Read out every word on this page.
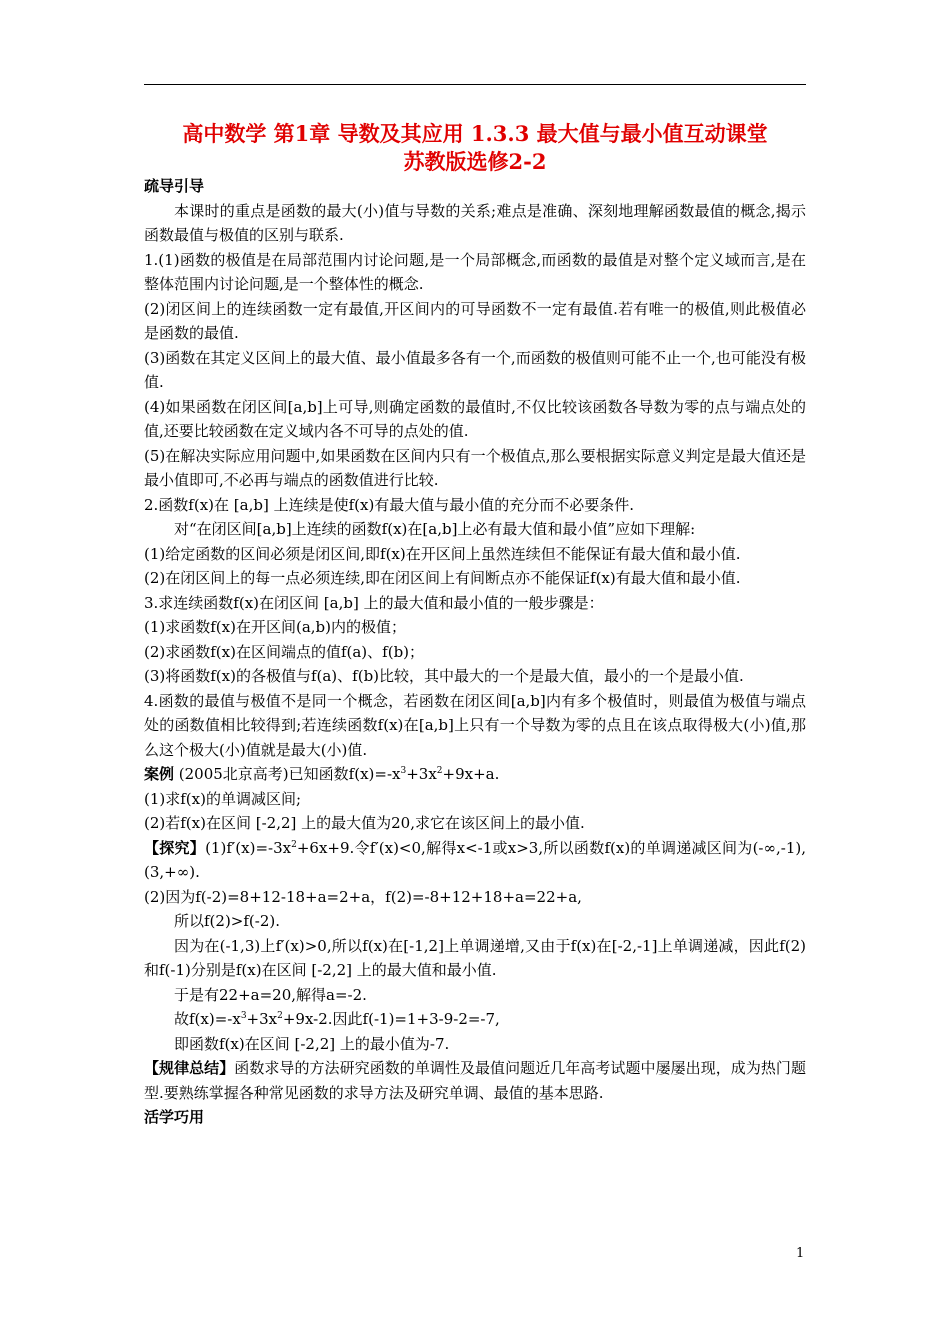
高中数学 第1章 导数及其应用 1.3.3 最大值与最小值互动课堂
苏教版选修2-2

疏导引导

本课时的重点是函数的最大(小)值与导数的关系;难点是准确、深刻地理解函数最值的概念,揭示函数最值与极值的区别与联系.

1.(1)函数的极值是在局部范围内讨论问题,是一个局部概念,而函数的最值是对整个定义域而言,是在整体范围内讨论问题,是一个整体性的概念.

(2)闭区间上的连续函数一定有最值,开区间内的可导函数不一定有最值.若有唯一的极值,则此极值必是函数的最值.

(3)函数在其定义区间上的最大值、最小值最多各有一个,而函数的极值则可能不止一个,也可能没有极值.

(4)如果函数在闭区间[a,b]上可导,则确定函数的最值时,不仅比较该函数各导数为零的点与端点处的值,还要比较函数在定义域内各不可导的点处的值.

(5)在解决实际应用问题中,如果函数在区间内只有一个极值点,那么要根据实际意义判定是最大值还是最小值即可,不必再与端点的函数值进行比较.

2.函数f(x)在 [a,b] 上连续是使f(x)有最大值与最小值的充分而不必要条件.

对“在闭区间[a,b]上连续的函数f(x)在[a,b]上必有最大值和最小值”应如下理解:

(1)给定函数的区间必须是闭区间,即f(x)在开区间上虽然连续但不能保证有最大值和最小值.

(2)在闭区间上的每一点必须连续,即在闭区间上有间断点亦不能保证f(x)有最大值和最小值.

3.求连续函数f(x)在闭区间 [a,b] 上的最大值和最小值的一般步骤是：

(1)求函数f(x)在开区间(a,b)内的极值；

(2)求函数f(x)在区间端点的值f(a)、f(b)；

(3)将函数f(x)的各极值与f(a)、f(b)比较，其中最大的一个是最大值，最小的一个是最小值.

4.函数的最值与极值不是同一个概念，若函数在闭区间[a,b]内有多个极值时，则最值为极值与端点处的函数值相比较得到;若连续函数f(x)在[a,b]上只有一个导数为零的点且在该点取得极大(小)值,那么这个极大(小)值就是最大(小)值.

案例 (2005北京高考)已知函数$f(x)=-x^3+3x^2+9x+a$.

(1)求f(x)的单调减区间;

(2)若f(x)在区间 [-2,2] 上的最大值为20,求它在该区间上的最小值.

【探究】$(1)f'(x)=-3x^2+6x+9$.令f′(x)<0,解得x<-1或x>3,所以函数f(x)的单调递减区间为(-∞,-1),(3,+∞).

(2)因为f(-2)=8+12-18+a=2+a，f(2)=-8+12+18+a=22+a,

所以f(2)>f(-2).

因为在(-1,3)上f′(x)>0,所以f(x)在[-1,2]上单调递增,又由于f(x)在[-2,-1]上单调递减，因此f(2)和f(-1)分别是f(x)在区间 [-2,2] 上的最大值和最小值.

于是有22+a=20,解得a=-2.

故$f(x)=-x^3+3x^2+9x-2$.因此f(-1)=1+3-9-2=-7,

即函数f(x)在区间 [-2,2] 上的最小值为-7.

【规律总结】函数求导的方法研究函数的单调性及最值问题近几年高考试题中屡屡出现，成为热门题型.要熟练掌握各种常见函数的求导方法及研究单调、最值的基本思路.

活学巧用

1
